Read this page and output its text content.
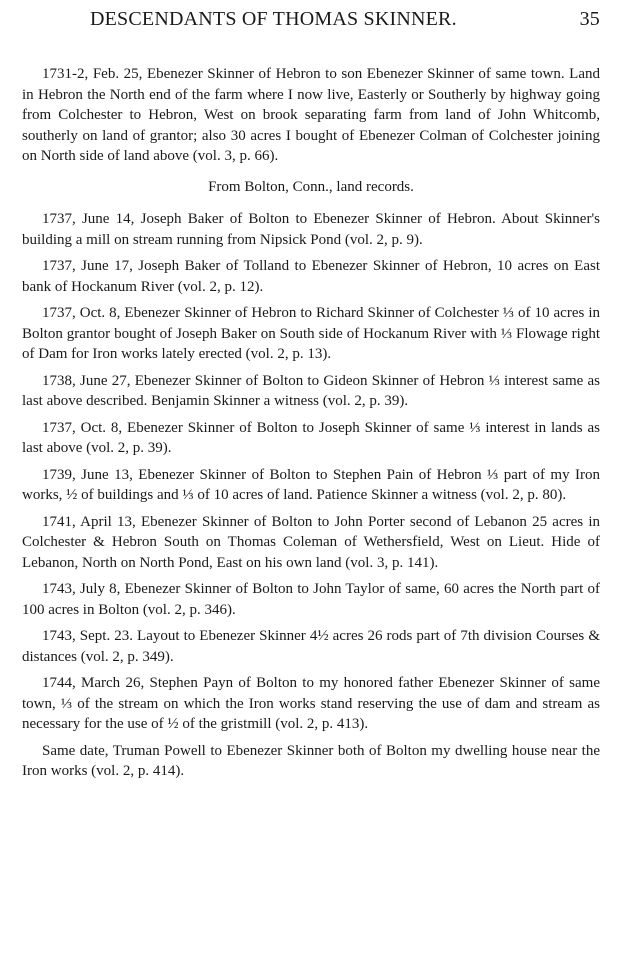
DESCENDANTS OF THOMAS SKINNER.	35

1731-2, Feb. 25, Ebenezer Skinner of Hebron to son Ebenezer Skinner of same town. Land in Hebron the North end of the farm where I now live, Easterly or Southerly by highway going from Colchester to Hebron, West on brook separating farm from land of John Whitcomb, southerly on land of grantor; also 30 acres I bought of Ebenezer Colman of Colchester joining on North side of land above (vol. 3, p. 66).

From Bolton, Conn., land records.

1737, June 14, Joseph Baker of Bolton to Ebenezer Skinner of Hebron. About Skinner's building a mill on stream running from Nipsick Pond (vol. 2, p. 9).

1737, June 17, Joseph Baker of Tolland to Ebenezer Skinner of Hebron, 10 acres on East bank of Hockanum River (vol. 2, p. 12).

1737, Oct. 8, Ebenezer Skinner of Hebron to Richard Skinner of Colchester ⅓ of 10 acres in Bolton grantor bought of Joseph Baker on South side of Hockanum River with ⅓ Flowage right of Dam for Iron works lately erected (vol. 2, p. 13).

1738, June 27, Ebenezer Skinner of Bolton to Gideon Skinner of Hebron ⅓ interest same as last above described. Benjamin Skinner a witness (vol. 2, p. 39).

1737, Oct. 8, Ebenezer Skinner of Bolton to Joseph Skinner of same ⅓ interest in lands as last above (vol. 2, p. 39).

1739, June 13, Ebenezer Skinner of Bolton to Stephen Pain of Hebron ⅓ part of my Iron works, ½ of buildings and ⅓ of 10 acres of land. Patience Skinner a witness (vol. 2, p. 80).

1741, April 13, Ebenezer Skinner of Bolton to John Porter second of Lebanon 25 acres in Colchester & Hebron South on Thomas Coleman of Wethersfield, West on Lieut. Hide of Lebanon, North on North Pond, East on his own land (vol. 3, p. 141).

1743, July 8, Ebenezer Skinner of Bolton to John Taylor of same, 60 acres the North part of 100 acres in Bolton (vol. 2, p. 346).

1743, Sept. 23. Layout to Ebenezer Skinner 4½ acres 26 rods part of 7th division Courses & distances (vol. 2, p. 349).

1744, March 26, Stephen Payn of Bolton to my honored father Ebenezer Skinner of same town, ⅓ of the stream on which the Iron works stand reserving the use of dam and stream as necessary for the use of ½ of the gristmill (vol. 2, p. 413).

Same date, Truman Powell to Ebenezer Skinner both of Bolton my dwelling house near the Iron works (vol. 2, p. 414).
